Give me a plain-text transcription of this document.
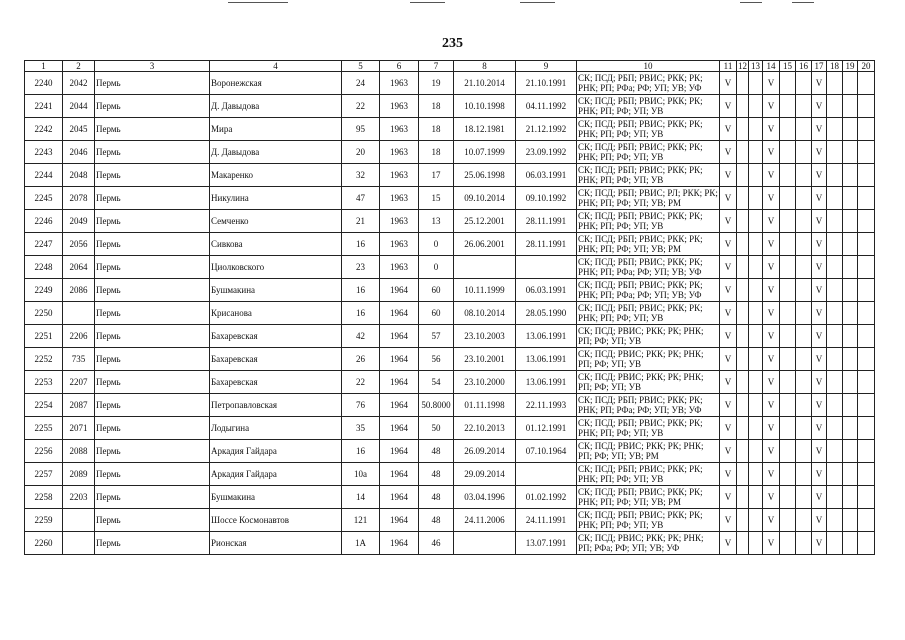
235
1	2	3	4	5	6	7	8	9	10	11	12	13	14	15	16	17	18	19	20
2240	2042	Пермь	Воронежская	24	1963	19	21.10.2014	21.10.1991	СК; ПСД; РБП; РВИС; РКК; РК; РНК; РП; РФа; РФ; УП; УВ; УФ	V			V			V			
2241	2044	Пермь	Д. Давыдова	22	1963	18	10.10.1998	04.11.1992	СК; ПСД; РБП; РВИС; РКК; РК; РНК; РП; РФ; УП; УВ	V			V			V			
2242	2045	Пермь	Мира	95	1963	18	18.12.1981	21.12.1992	СК; ПСД; РБП; РВИС; РКК; РК; РНК; РП; РФ; УП; УВ	V			V			V			
2243	2046	Пермь	Д. Давыдова	20	1963	18	10.07.1999	23.09.1992	СК; ПСД; РБП; РВИС; РКК; РК; РНК; РП; РФ; УП; УВ	V			V			V			
2244	2048	Пермь	Макаренко	32	1963	17	25.06.1998	06.03.1991	СК; ПСД; РБП; РВИС; РКК; РК; РНК; РП; РФ; УП; УВ	V			V			V			
2245	2078	Пермь	Никулина	47	1963	15	09.10.2014	09.10.1992	СК; ПСД; РБП; РВИС; РЛ; РКК; РК; РНК; РП; РФ; УП; УВ; РМ	V			V			V			
2246	2049	Пермь	Семченко	21	1963	13	25.12.2001	28.11.1991	СК; ПСД; РБП; РВИС; РКК; РК; РНК; РП; РФ; УП; УВ	V			V			V			
2247	2056	Пермь	Сивкова	16	1963	0	26.06.2001	28.11.1991	СК; ПСД; РБП; РВИС; РКК; РК; РНК; РП; РФ; УП; УВ; РМ	V			V			V			
2248	2064	Пермь	Циолковского	23	1963	0			СК; ПСД; РБП; РВИС; РКК; РК; РНК; РП; РФа; РФ; УП; УВ; УФ	V			V			V			
2249	2086	Пермь	Бушмакина	16	1964	60	10.11.1999	06.03.1991	СК; ПСД; РБП; РВИС; РКК; РК; РНК; РП; РФа; РФ; УП; УВ; УФ	V			V			V			
2250		Пермь	Крисанова	16	1964	60	08.10.2014	28.05.1990	СК; ПСД; РБП; РВИС; РКК; РК; РНК; РП; РФ; УП; УВ	V			V			V			
2251	2206	Пермь	Бахаревская	42	1964	57	23.10.2003	13.06.1991	СК; ПСД; РВИС; РКК; РК; РНК; РП; РФ; УП; УВ	V			V			V			
2252	735	Пермь	Бахаревская	26	1964	56	23.10.2001	13.06.1991	СК; ПСД; РВИС; РКК; РК; РНК; РП; РФ; УП; УВ	V			V			V			
2253	2207	Пермь	Бахаревская	22	1964	54	23.10.2000	13.06.1991	СК; ПСД; РВИС; РКК; РК; РНК; РП; РФ; УП; УВ	V			V			V			
2254	2087	Пермь	Петропавловская	76	1964	50.8000	01.11.1998	22.11.1993	СК; ПСД; РБП; РВИС; РКК; РК; РНК; РП; РФа; РФ; УП; УВ; УФ	V			V			V			
2255	2071	Пермь	Лодыгина	35	1964	50	22.10.2013	01.12.1991	СК; ПСД; РБП; РВИС; РКК; РК; РНК; РП; РФ; УП; УВ	V			V			V			
2256	2088	Пермь	Аркадия Гайдара	16	1964	48	26.09.2014	07.10.1964	СК; ПСД; РВИС; РКК; РК; РНК; РП; РФ; УП; УВ; РМ	V			V			V			
2257	2089	Пермь	Аркадия Гайдара	10а	1964	48	29.09.2014		СК; ПСД; РБП; РВИС; РКК; РК; РНК; РП; РФ; УП; УВ	V			V			V			
2258	2203	Пермь	Бушмакина	14	1964	48	03.04.1996	01.02.1992	СК; ПСД; РБП; РВИС; РКК; РК; РНК; РП; РФ; УП; УВ; РМ	V			V			V			
2259		Пермь	Шоссе Космонавтов	121	1964	48	24.11.2006	24.11.1991	СК; ПСД; РБП; РВИС; РКК; РК; РНК; РП; РФ; УП; УВ	V			V			V			
2260		Пермь	Рионская	1А	1964	46		13.07.1991	СК; ПСД; РВИС; РКК; РК; РНК; РП; РФа; РФ; УП; УВ; УФ	V			V			V			
